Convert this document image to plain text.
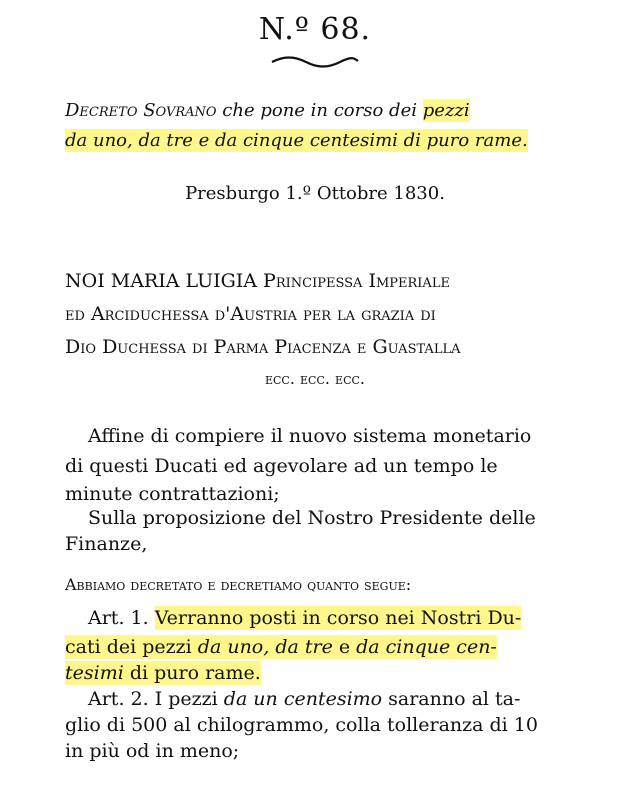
N.º 68.
Decreto Sovrano che pone in corso dei pezzi
da uno, da tre e da cinque centesimi di puro rame.
Presburgo 1.º Ottobre 1830.
NOI MARIA LUIGIA Principessa Imperiale
ed Arciduchessa d'Austria per la grazia di
Dio Duchessa di Parma Piacenza e Guastalla
ecc. ecc. ecc.
Affine di compiere il nuovo sistema monetario
di questi Ducati ed agevolare ad un tempo le
minute contrattazioni;
Sulla proposizione del Nostro Presidente delle
Finanze,
Abbiamo decretato e decretiamo quanto segue:
Art. 1. Verranno posti in corso nei Nostri Du-
cati dei pezzi da uno, da tre e da cinque cen-
tesimi di puro rame.
Art. 2. I pezzi da un centesimo saranno al ta-
glio di 500 al chilogrammo, colla tolleranza di 10
in più od in meno;
